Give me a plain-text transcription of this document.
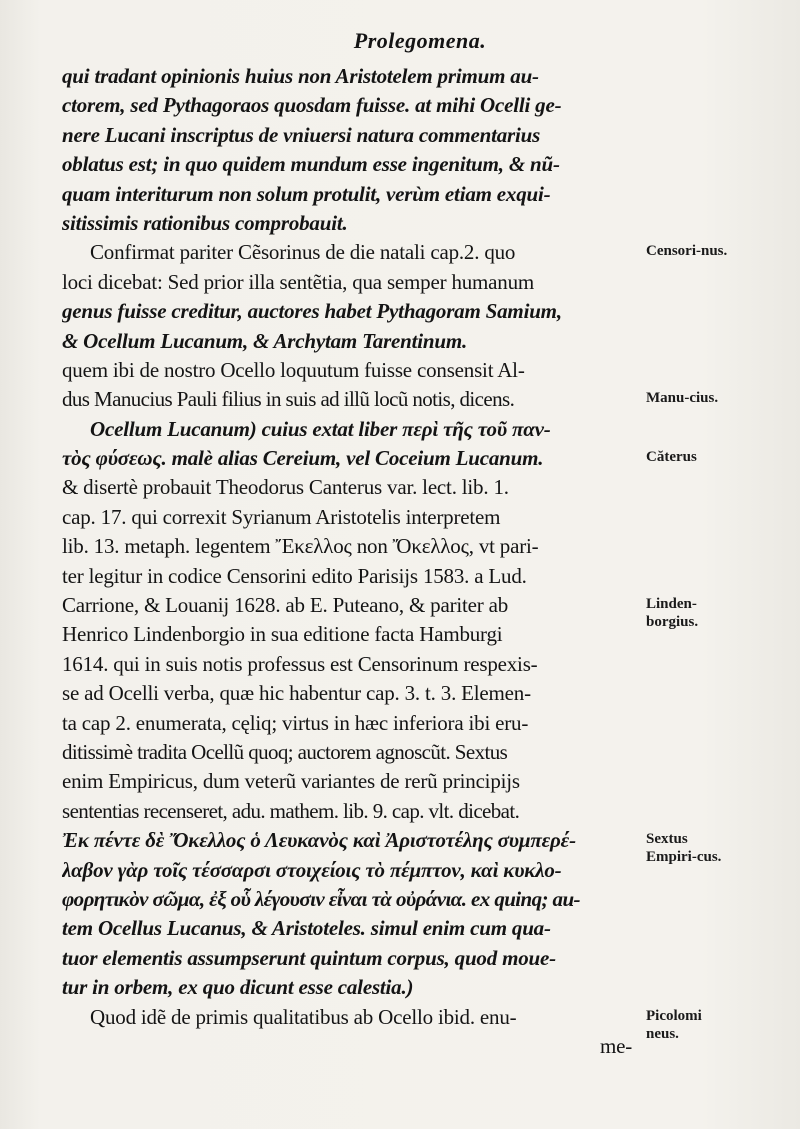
Prolegomena.
qui tradant opinionis huius non Aristotelem primum au-
ctorem, sed Pythagoraos quosdam fuisse. at mihi Ocelli ge-
nere Lucani inscriptus de vniuersi natura commentarius
oblatus est; in quo quidem mundum esse ingenitum, & nũ-
quam interiturum non solum protulit, verùm etiam exqui-
sitissimis rationibus comprobauit.
Confirmat pariter Cẽsorinus de die natali cap.2. quo
loci dicebat: Sed prior illa sentẽtia, qua semper humanum
genus fuisse creditur, auctores habet Pythagoram Samium,
& Ocellum Lucanum, & Archytam Tarentinum.
quem ibi de nostro Ocello loquutum fuisse consensit Al-
dus Manucius Pauli filius in suis ad illũ locũ notis, dicens.
Ocellum Lucanum) cuius extat liber περὶ τῆς τοῦ παν-
τὸς φύσεως. malè alias Cereium, vel Coceium Lucanum.
& disertè probauit Theodorus Canterus var. lect. lib. 1.
cap. 17. qui correxit Syrianum Aristotelis interpretem
lib. 13. metaph. legentem Ἔκελλος non Ὄκελλος, vt pari-
ter legitur in codice Censorini edito Parisijs 1583. a Lud.
Carrione, & Louanij 1628. ab E. Puteano, & pariter ab
Henrico Lindenborgio in sua editione facta Hamburgi
1614. qui in suis notis professus est Censorinum respexis-
se ad Ocelli verba, quæ hic habentur cap. 3. t. 3. Elemen-
ta cap 2. enumerata, cęliq; virtus in hæc inferiora ibi eru-
ditissimè tradita Ocellũ quoq; auctorem agnoscũt. Sextus
enim Empiricus, dum veterũ variantes de rerũ principijs
sententias recenseret, adu. mathem. lib. 9. cap. vlt. dicebat.
Ἐκ πέντε δὲ Ὄκελλος ὁ Λευκανὸς καὶ Ἀριστοτέλης συμπερέ-
λαβον γὰρ τοῖς τέσσαρσι στοιχείοις τὸ πέμπτον, καὶ κυκλο-
φορητικὸν σῶμα, ἐξ οὗ λέγουσιν εἶναι τὰ οὐράνια. ex quinq; au-
tem Ocellus Lucanus, & Aristoteles. simul enim cum qua-
tuor elementis assumpserunt quintum corpus, quod moue-
tur in orbem, ex quo dicunt esse calestia.)
Quod idẽ de primis qualitatibus ab Ocello ibid. enu-
me-
Censori-nus.
Manu-cius.
Căterus
Linden-borgius.
Sextus Empiri-cus.
Picolomi neus.
